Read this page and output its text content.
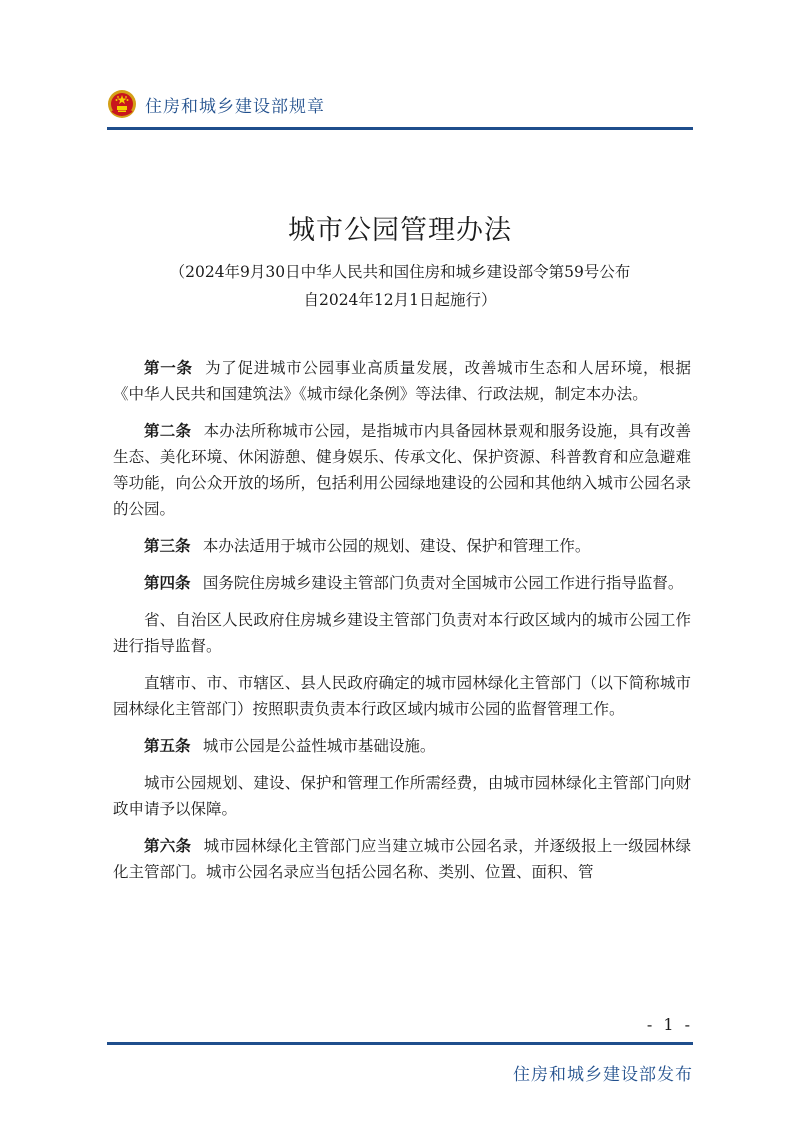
住房和城乡建设部规章
城市公园管理办法
（2024年9月30日中华人民共和国住房和城乡建设部令第59号公布
自2024年12月1日起施行）

第一条 为了促进城市公园事业高质量发展，改善城市生态和人居环境，根据《中华人民共和国建筑法》《城市绿化条例》等法律、行政法规，制定本办法。

第二条 本办法所称城市公园，是指城市内具备园林景观和服务设施，具有改善生态、美化环境、休闲游憩、健身娱乐、传承文化、保护资源、科普教育和应急避难等功能，向公众开放的场所，包括利用公园绿地建设的公园和其他纳入城市公园名录的公园。

第三条 本办法适用于城市公园的规划、建设、保护和管理工作。

第四条 国务院住房城乡建设主管部门负责对全国城市公园工作进行指导监督。

省、自治区人民政府住房城乡建设主管部门负责对本行政区域内的城市公园工作进行指导监督。

直辖市、市、市辖区、县人民政府确定的城市园林绿化主管部门（以下简称城市园林绿化主管部门）按照职责负责本行政区域内城市公园的监督管理工作。

第五条 城市公园是公益性城市基础设施。

城市公园规划、建设、保护和管理工作所需经费，由城市园林绿化主管部门向财政申请予以保障。

第六条 城市园林绿化主管部门应当建立城市公园名录，并逐级报上一级园林绿化主管部门。城市公园名录应当包括公园名称、类别、位置、面积、管

- 1 -
住房和城乡建设部发布
